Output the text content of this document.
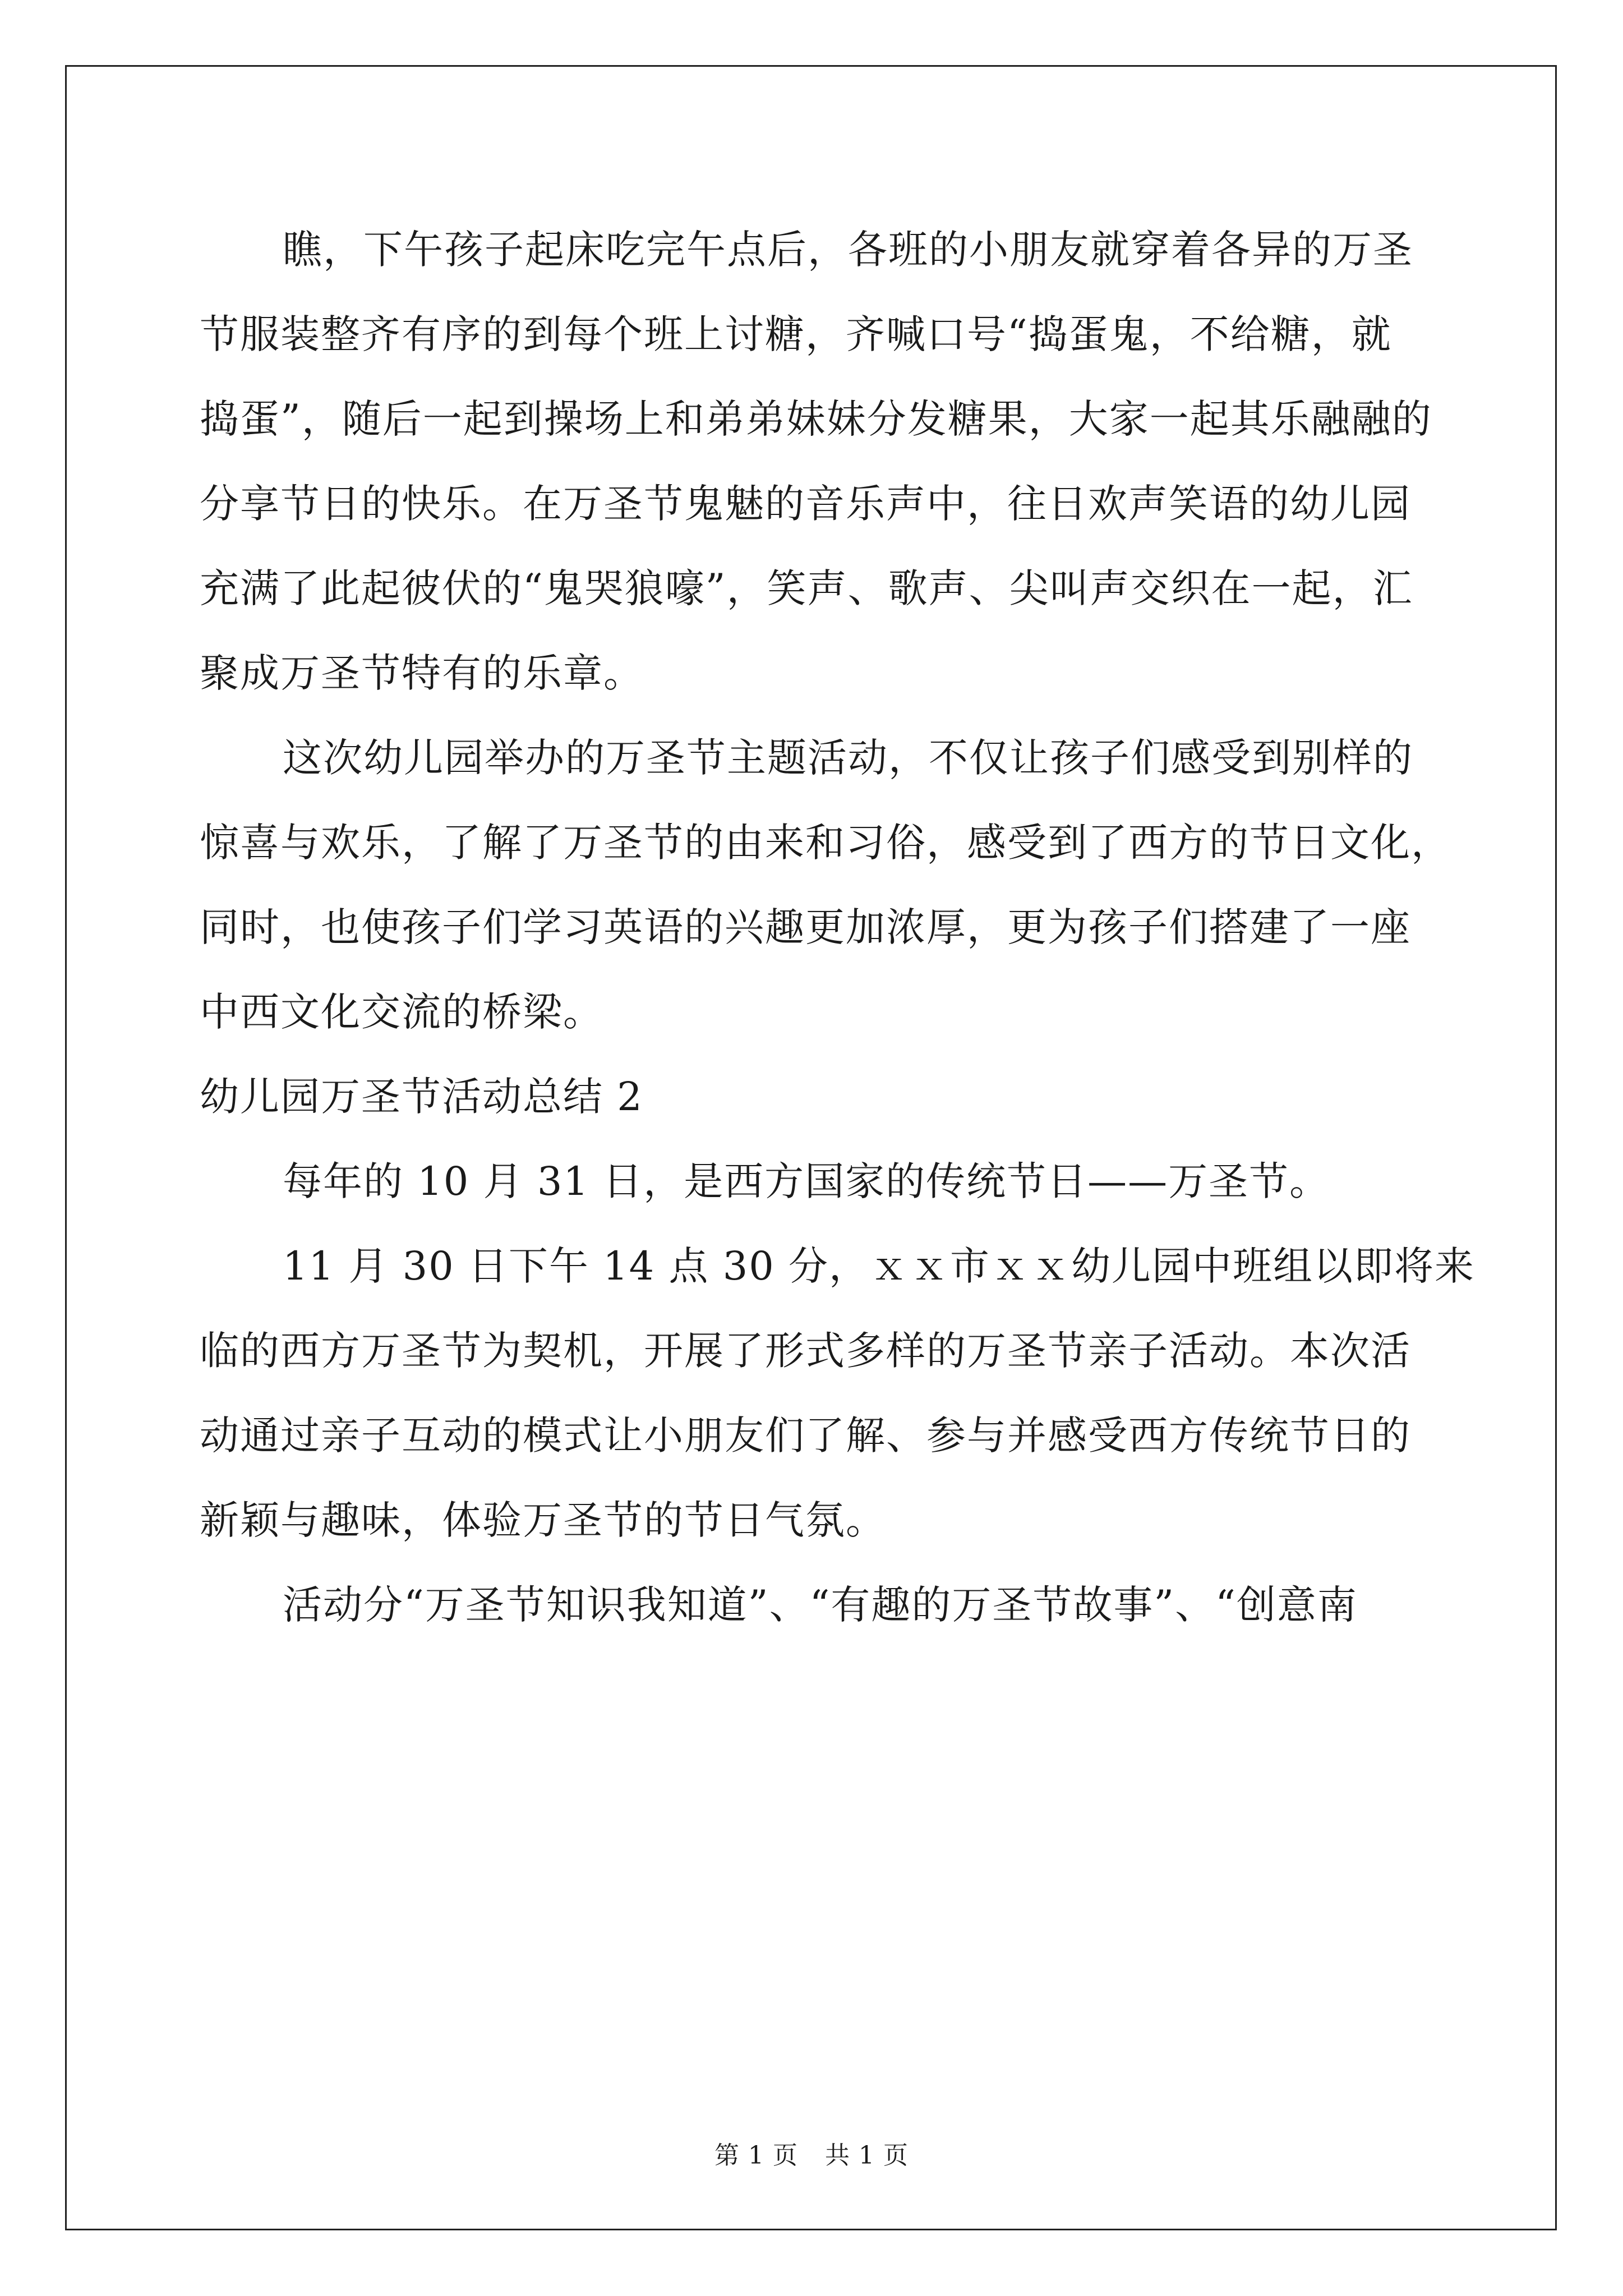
瞧，下午孩子起床吃完午点后，各班的小朋友就穿着各异的万圣
节服装整齐有序的到每个班上讨糖，齐喊口号“捣蛋鬼，不给糖，就
捣蛋”，随后一起到操场上和弟弟妹妹分发糖果，大家一起其乐融融的
分享节日的快乐。在万圣节鬼魅的音乐声中，往日欢声笑语的幼儿园
充满了此起彼伏的“鬼哭狼嚎”，笑声、歌声、尖叫声交织在一起，汇
聚成万圣节特有的乐章。
这次幼儿园举办的万圣节主题活动，不仅让孩子们感受到别样的
惊喜与欢乐，了解了万圣节的由来和习俗，感受到了西方的节日文化，
同时，也使孩子们学习英语的兴趣更加浓厚，更为孩子们搭建了一座
中西文化交流的桥梁。
幼儿园万圣节活动总结 2
每年的 10 月 31 日，是西方国家的传统节日——万圣节。
11 月 30 日下午 14 点 30 分，ｘｘ市ｘｘ幼儿园中班组以即将来
临的西方万圣节为契机，开展了形式多样的万圣节亲子活动。本次活
动通过亲子互动的模式让小朋友们了解、参与并感受西方传统节日的
新颖与趣味，体验万圣节的节日气氛。
活动分“万圣节知识我知道”、“有趣的万圣节故事”、“创意南
第 1 页 共 1 页
